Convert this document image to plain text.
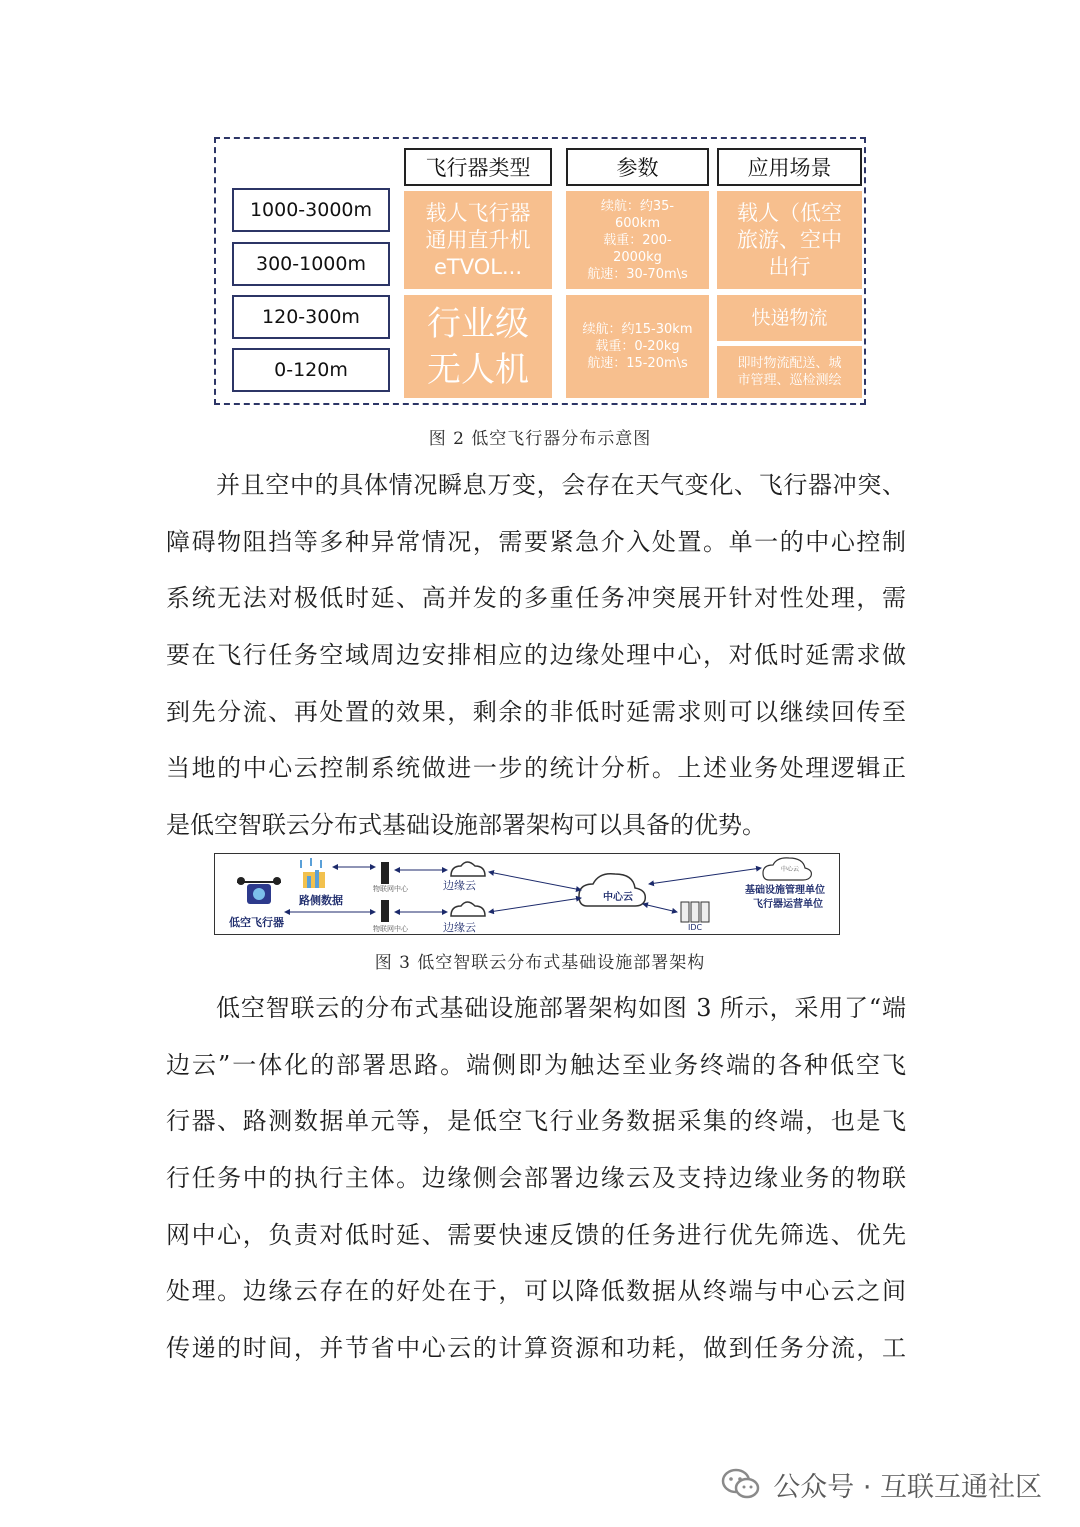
1000-3000m
300-1000m
120-300m
0-120m
飞行器类型	参数	应用场景
载人飞行器
通用直升机
eTVOL...
续航：约35-
600km
载重：200-
2000kg
航速：30-70m\s
载人（低空
旅游、空中
出行
行业级
无人机
续航：约15-30km
载重：0-20kg
航速：15-20m\s
快递物流
即时物流配送、城
市管理、巡检测绘
图 2 低空飞行器分布示意图
并且空中的具体情况瞬息万变，会存在天气变化、飞行器冲突、
障碍物阻挡等多种异常情况，需要紧急介入处置。单一的中心控制
系统无法对极低时延、高并发的多重任务冲突展开针对性处理，需
要在飞行任务空域周边安排相应的边缘处理中心，对低时延需求做
到先分流、再处置的效果，剩余的非低时延需求则可以继续回传至
当地的中心云控制系统做进一步的统计分析。上述业务处理逻辑正
是低空智联云分布式基础设施部署架构可以具备的优势。
低空飞行器
路侧数据
物联网中心
物联网中心
边缘云
边缘云
中心云
IDC
中心云
基础设施管理单位
飞行器运营单位
图 3 低空智联云分布式基础设施部署架构
低空智联云的分布式基础设施部署架构如图 3 所示，采用了“端
边云”一体化的部署思路。端侧即为触达至业务终端的各种低空飞
行器、路测数据单元等，是低空飞行业务数据采集的终端，也是飞
行任务中的执行主体。边缘侧会部署边缘云及支持边缘业务的物联
网中心，负责对低时延、需要快速反馈的任务进行优先筛选、优先
处理。边缘云存在的好处在于，可以降低数据从终端与中心云之间
传递的时间，并节省中心云的计算资源和功耗，做到任务分流，工
公众号 · 互联互通社区
